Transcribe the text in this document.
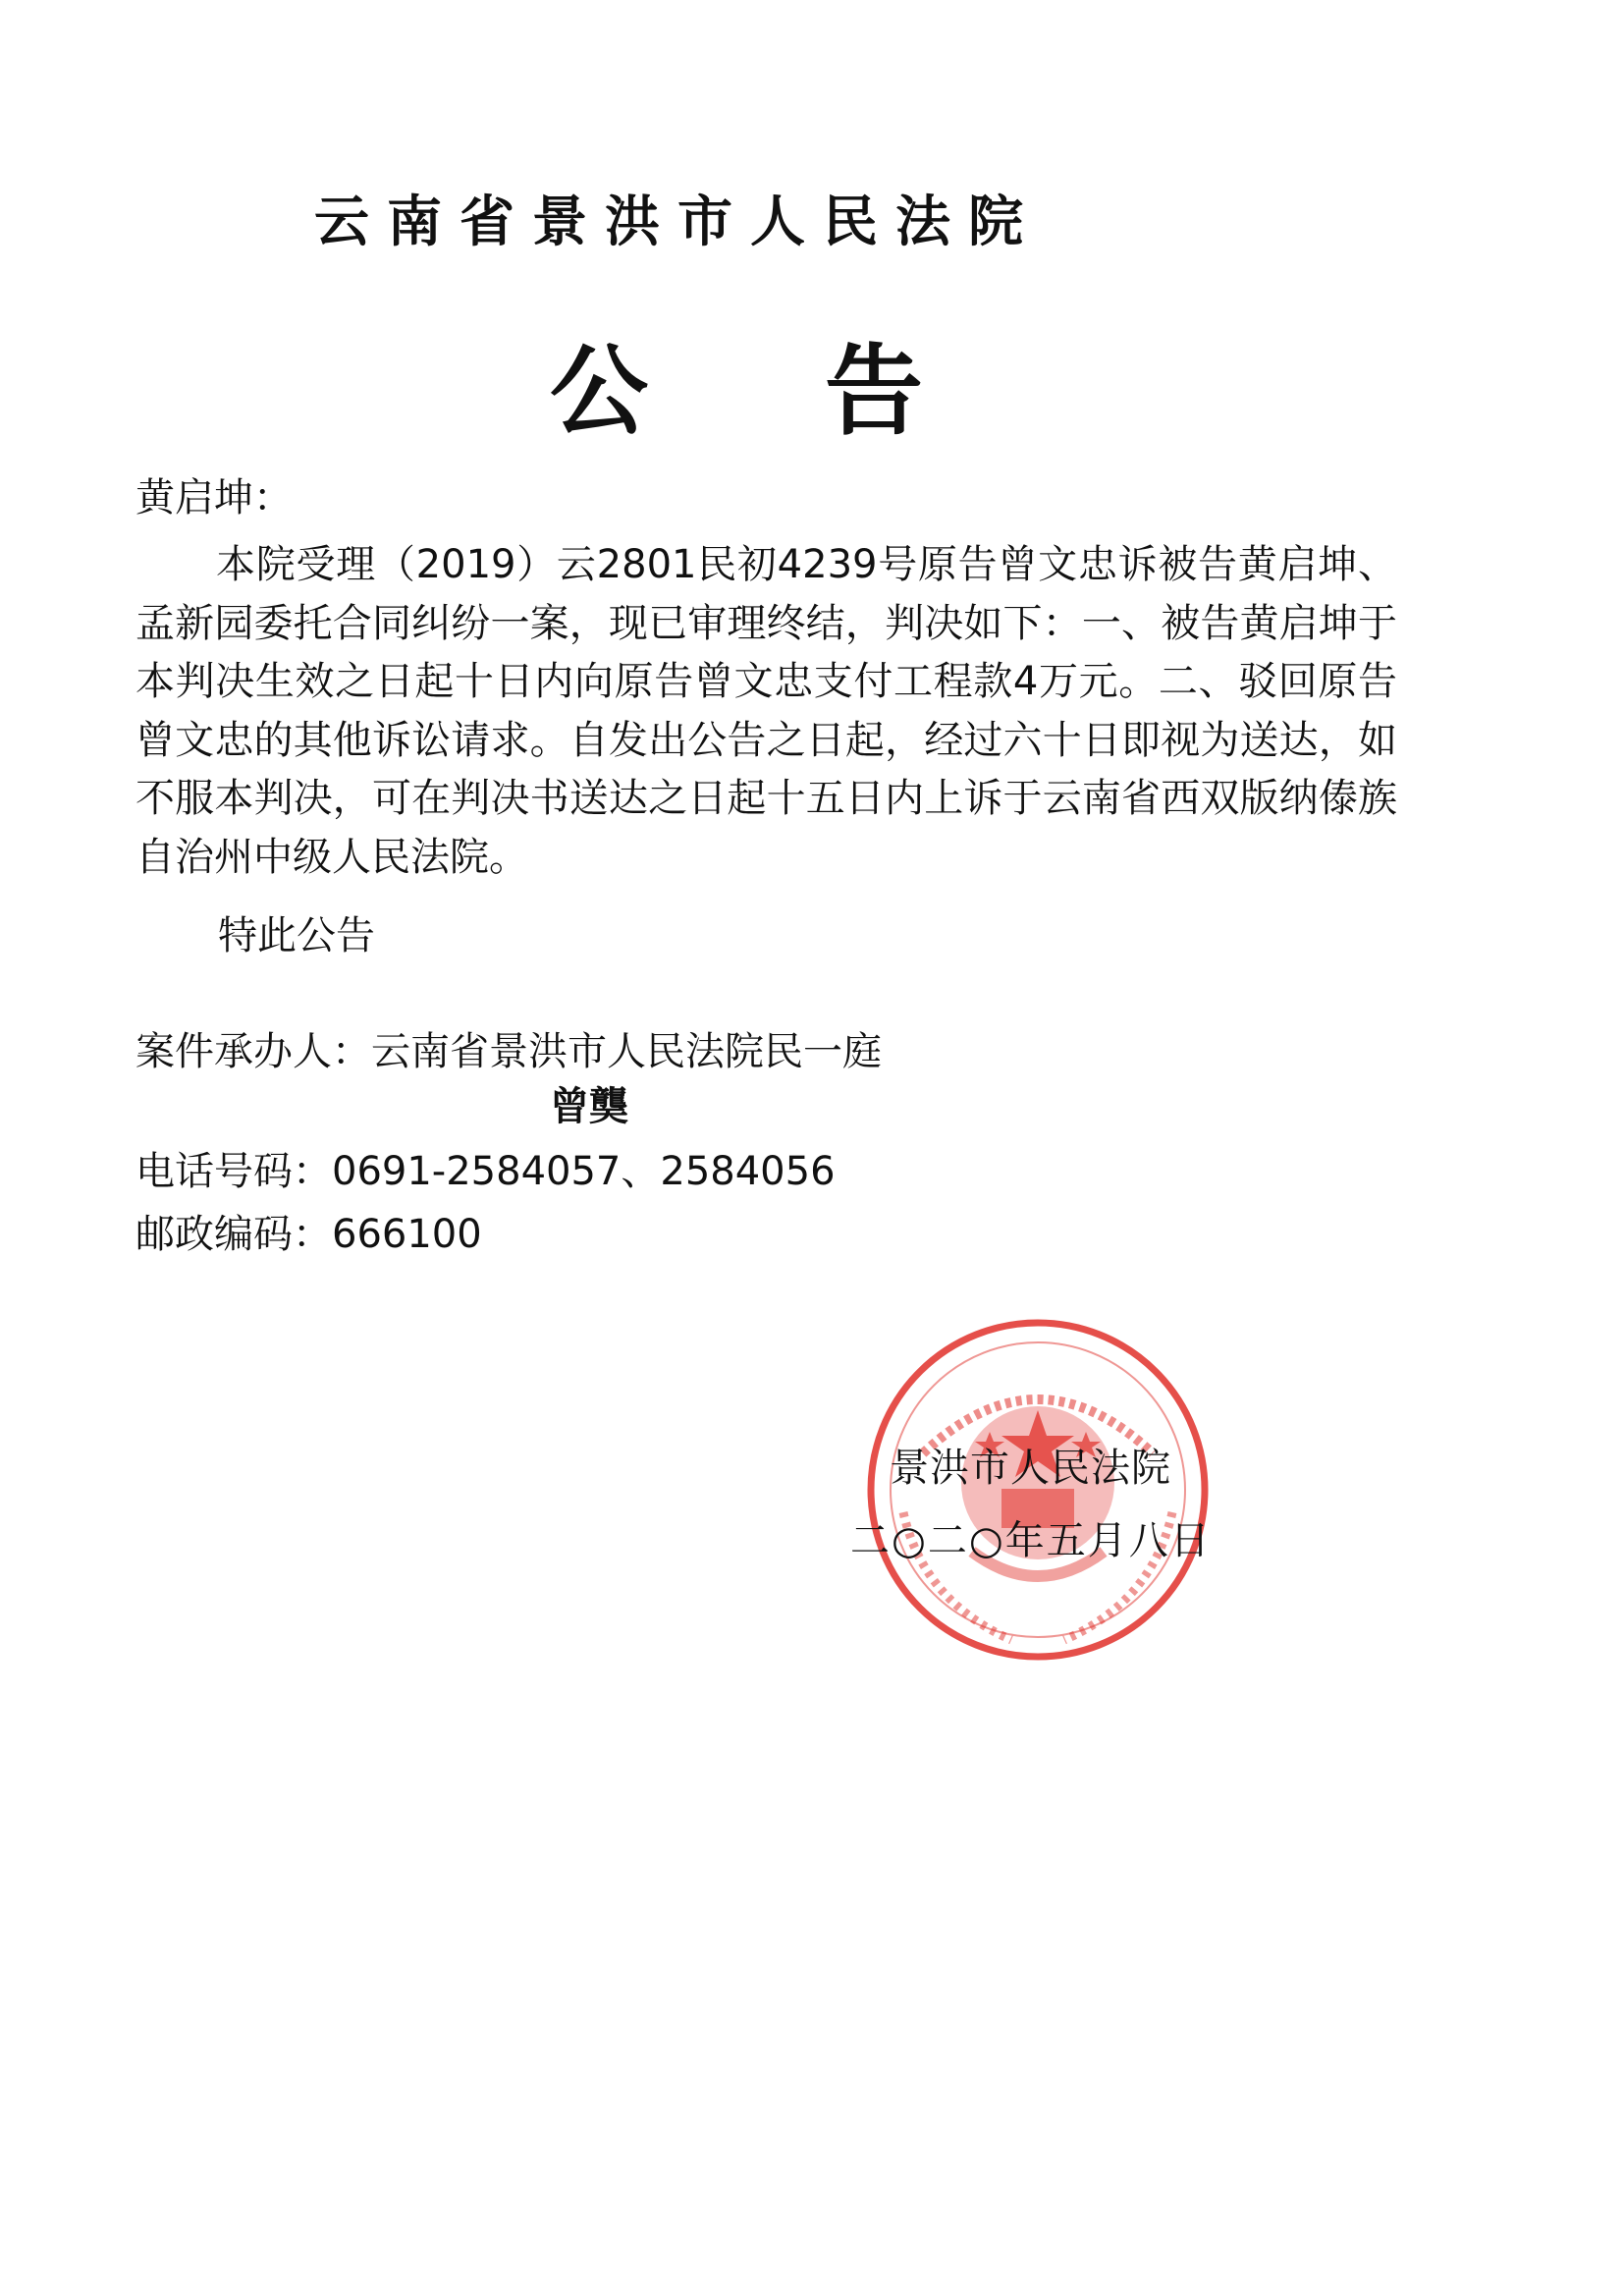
云南省景洪市人民法院
公告
黄启坤：
本院受理（2019）云2801民初4239号原告曾文忠诉被告黄启坤、孟新园委托合同纠纷一案，现已审理终结，判决如下：一、被告黄启坤于本判决生效之日起十日内向原告曾文忠支付工程款4万元。二、驳回原告曾文忠的其他诉讼请求。自发出公告之日起，经过六十日即视为送达，如不服本判决，可在判决书送达之日起十五日内上诉于云南省西双版纳傣族自治州中级人民法院。
特此公告
案件承办人：云南省景洪市人民法院民一庭
曾龑
电话号码：0691-2584057、2584056
邮政编码：666100
景洪市人民法院
二○二○年五月八日
